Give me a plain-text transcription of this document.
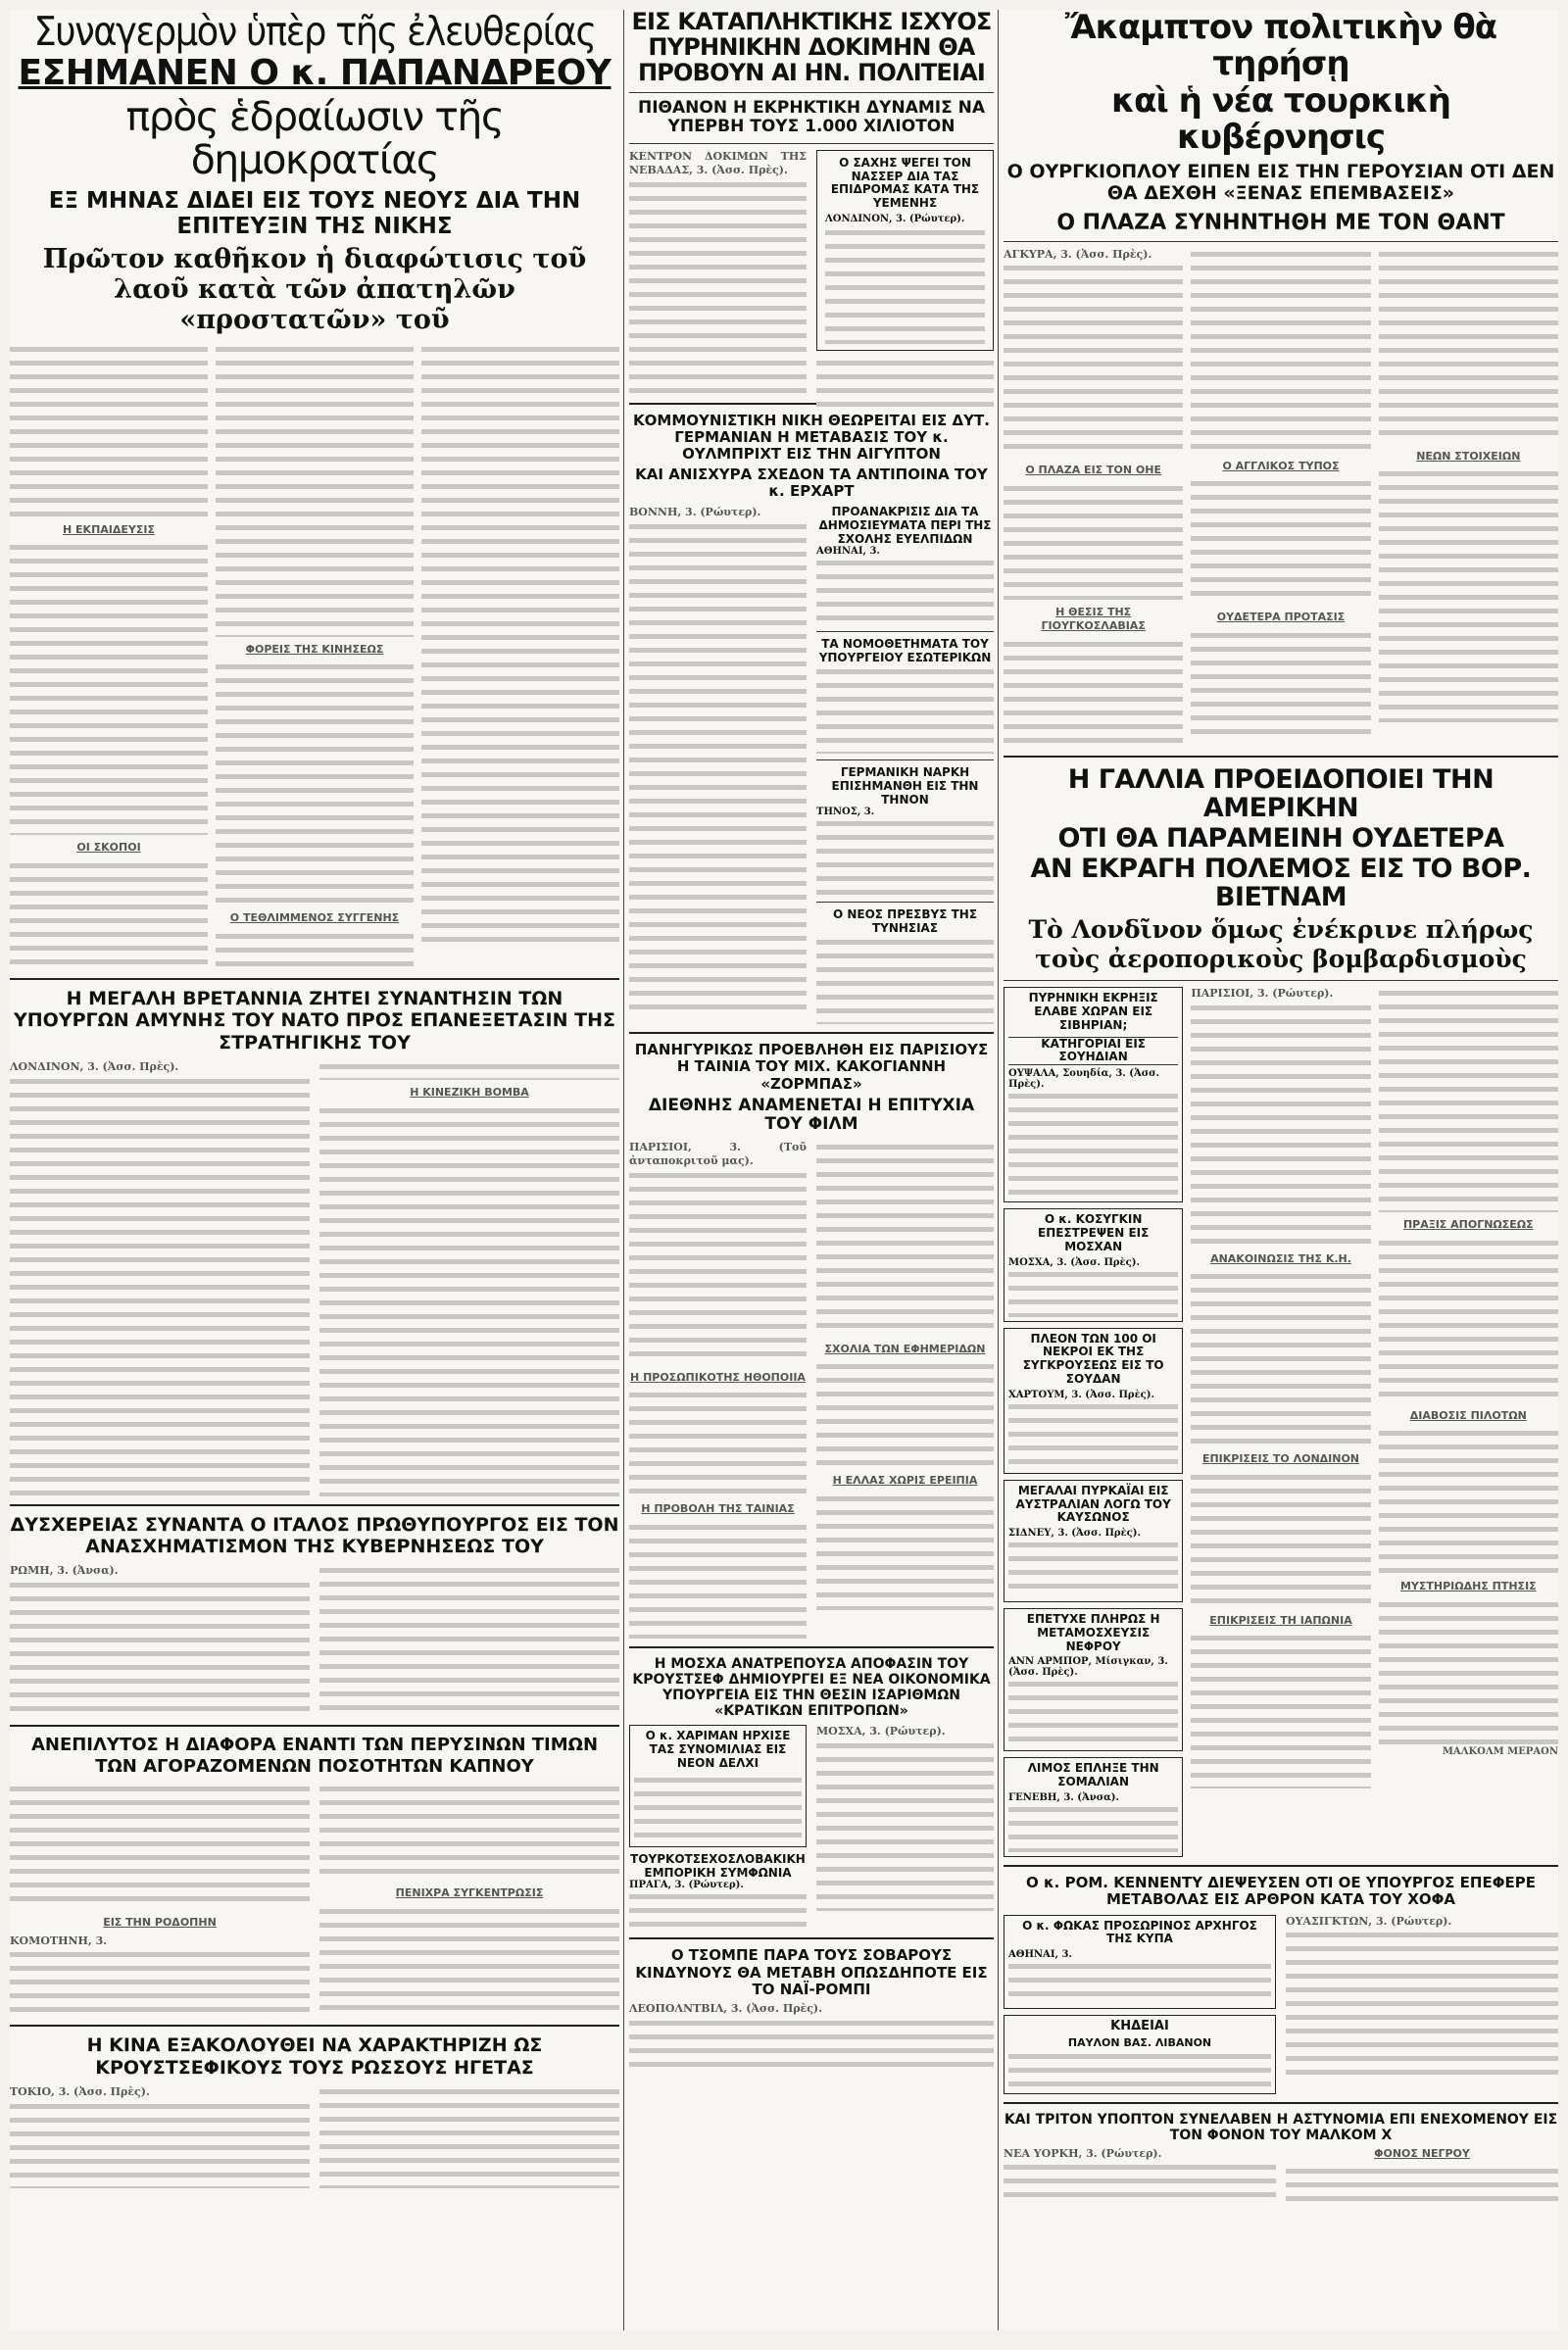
Συναγερμὸν ὑπὲρ τῆς ἐλευθερίας
ΕΣΗΜΑΝΕΝ Ο κ. ΠΑΠΑΝΔΡΕΟΥ
πρὸς ἑδραίωσιν τῆς δημοκρατίας
ΕΞ ΜΗΝΑΣ ΔΙΔΕΙ ΕΙΣ ΤΟΥΣ ΝΕΟΥΣ ΔΙΑ ΤΗΝ ΕΠΙΤΕΥΞΙΝ ΤΗΣ ΝΙΚΗΣ
Πρῶτον καθῆκον ἡ διαφώτισις τοῦ λαοῦ κατὰ τῶν ἀπατηλῶν «προστατῶν» τοῦ
Η ΕΚΠΑΙΔΕΥΣΙΣ
ΟΙ ΣΚΟΠΟΙ
ΦΟΡΕΙΣ ΤΗΣ ΚΙΝΗΣΕΩΣ
Ο ΤΕΘΛΙΜΜΕΝΟΣ ΣΥΓΓΕΝΗΣ
Η ΜΕΓΑΛΗ ΒΡΕΤΑΝΝΙΑ ΖΗΤΕΙ ΣΥΝΑΝΤΗΣΙΝ ΤΩΝ ΥΠΟΥΡΓΩΝ ΑΜΥΝΗΣ ΤΟΥ ΝΑΤΟ ΠΡΟΣ ΕΠΑΝΕΞΕΤΑΣΙΝ ΤΗΣ ΣΤΡΑΤΗΓΙΚΗΣ ΤΟΥ
ΛΟΝΔΙΝΟΝ, 3. (Ἀσσ. Πρὲς).
Η ΚΙΝΕΖΙΚΗ ΒΟΜΒΑ
ΔΥΣΧΕΡΕΙΑΣ ΣΥΝΑΝΤΑ Ο ΙΤΑΛΟΣ ΠΡΩΘΥΠΟΥΡΓΟΣ ΕΙΣ ΤΟΝ ΑΝΑΣΧΗΜΑΤΙΣΜΟΝ ΤΗΣ ΚΥΒΕΡΝΗΣΕΩΣ ΤΟΥ
ΡΩΜΗ, 3. (Ἀνσα).
ΑΝΕΠΙΛΥΤΟΣ Η ΔΙΑΦΟΡΑ ΕΝΑΝΤΙ ΤΩΝ ΠΕΡΥΣΙΝΩΝ ΤΙΜΩΝ ΤΩΝ ΑΓΟΡΑΖΟΜΕΝΩΝ ΠΟΣΟΤΗΤΩΝ ΚΑΠΝΟΥ
ΕΙΣ ΤΗΝ ΡΟΔΟΠΗΝ
ΚΟΜΟΤΗΝΗ, 3.
ΠΕΝΙΧΡΑ ΣΥΓΚΕΝΤΡΩΣΙΣ
Η ΚΙΝΑ ΕΞΑΚΟΛΟΥΘΕΙ ΝΑ ΧΑΡΑΚΤΗΡΙΖΗ ΩΣ ΚΡΟΥΣΤΣΕΦΙΚΟΥΣ ΤΟΥΣ ΡΩΣΣΟΥΣ ΗΓΕΤΑΣ
ΤΟΚΙΟ, 3. (Ἀσσ. Πρὲς).
ΕΙΣ ΚΑΤΑΠΛΗΚΤΙΚΗΣ ΙΣΧΥΟΣ ΠΥΡΗΝΙΚΗΝ ΔΟΚΙΜΗΝ ΘΑ ΠΡΟΒΟΥΝ ΑΙ ΗΝ. ΠΟΛΙΤΕΙΑΙ
ΠΙΘΑΝΟΝ Η ΕΚΡΗΚΤΙΚΗ ΔΥΝΑΜΙΣ ΝΑ ΥΠΕΡΒΗ ΤΟΥΣ 1.000 ΧΙΛΙΟΤΟΝ
ΚΕΝΤΡΟΝ ΔΟΚΙΜΩΝ ΤΗΣ ΝΕΒΑΔΑΣ, 3. (Ἀσσ. Πρὲς).
Ο ΣΑΧΗΣ ΨΕΓΕΙ ΤΟΝ ΝΑΣΣΕΡ ΔΙΑ ΤΑΣ ΕΠΙΔΡΟΜΑΣ ΚΑΤΑ ΤΗΣ ΥΕΜΕΝΗΣ
ΛΟΝΔΙΝΟΝ, 3. (Ρώυτερ).
ΚΟΜΜΟΥΝΙΣΤΙΚΗ ΝΙΚΗ ΘΕΩΡΕΙΤΑΙ ΕΙΣ ΔΥΤ. ΓΕΡΜΑΝΙΑΝ Η ΜΕΤΑΒΑΣΙΣ ΤΟΥ κ. ΟΥΛΜΠΡΙΧΤ ΕΙΣ ΤΗΝ ΑΙΓΥΠΤΟΝ
ΚΑΙ ΑΝΙΣΧΥΡΑ ΣΧΕΔΟΝ ΤΑ ΑΝΤΙΠΟΙΝΑ ΤΟΥ κ. ΕΡΧΑΡΤ
ΒΟΝΝΗ, 3. (Ρώυτερ).	ΠΡΟΑΝΑΚΡΙΣΙΣ ΔΙΑ ΤΑ ΔΗΜΟΣΙΕΥΜΑΤΑ ΠΕΡΙ ΤΗΣ ΣΧΟΛΗΣ ΕΥΕΛΠΙΔΩΝ
ΑΘΗΝΑΙ, 3.
ΤΑ ΝΟΜΟΘΕΤΗΜΑΤΑ ΤΟΥ ΥΠΟΥΡΓΕΙΟΥ ΕΣΩΤΕΡΙΚΩΝ
ΓΕΡΜΑΝΙΚΗ ΝΑΡΚΗ ΕΠΙΣΗΜΑΝΘΗ ΕΙΣ ΤΗΝ ΤΗΝΟΝ
ΤΗΝΟΣ, 3.
Ο ΝΕΟΣ ΠΡΕΣΒΥΣ ΤΗΣ ΤΥΝΗΣΙΑΣ
ΠΑΝΗΓΥΡΙΚΩΣ ΠΡΟΕΒΛΗΘΗ ΕΙΣ ΠΑΡΙΣΙΟΥΣ Η ΤΑΙΝΙΑ ΤΟΥ ΜΙΧ. ΚΑΚΟΓΙΑΝΝΗ «ΖΟΡΜΠΑΣ»
ΔΙΕΘΝΗΣ ΑΝΑΜΕΝΕΤΑΙ Η ΕΠΙΤΥΧΙΑ ΤΟΥ ΦΙΛΜ
ΠΑΡΙΣΙΟΙ, 3. (Τοῦ ἀνταποκριτοῦ μας).
Η ΠΡΟΣΩΠΙΚΟΤΗΣ ΗΘΟΠΟΙΙΑ
Η ΠΡΟΒΟΛΗ ΤΗΣ ΤΑΙΝΙΑΣ
ΣΧΟΛΙΑ ΤΩΝ ΕΦΗΜΕΡΙΔΩΝ
Η ΕΛΛΑΣ ΧΩΡΙΣ ΕΡΕΙΠΙΑ
Η ΜΟΣΧΑ ΑΝΑΤΡΕΠΟΥΣΑ ΑΠΟΦΑΣΙΝ ΤΟΥ ΚΡΟΥΣΤΣΕΦ ΔΗΜΙΟΥΡΓΕΙ ΕΞ ΝΕΑ ΟΙΚΟΝΟΜΙΚΑ ΥΠΟΥΡΓΕΙΑ ΕΙΣ ΤΗΝ ΘΕΣΙΝ ΙΣΑΡΙΘΜΩΝ «ΚΡΑΤΙΚΩΝ ΕΠΙΤΡΟΠΩΝ»
Ο κ. ΧΑΡΙΜΑΝ ΗΡΧΙΣΕ ΤΑΣ ΣΥΝΟΜΙΛΙΑΣ ΕΙΣ ΝΕΟΝ ΔΕΛΧΙ
ΤΟΥΡΚΟΤΣΕΧΟΣΛΟΒΑΚΙΚΗ ΕΜΠΟΡΙΚΗ ΣΥΜΦΩΝΙΑ
ΠΡΑΓΑ, 3. (Ρώυτερ).
ΜΟΣΧΑ, 3. (Ρώυτερ).
Ο ΤΣΟΜΠΕ ΠΑΡΑ ΤΟΥΣ ΣΟΒΑΡΟΥΣ ΚΙΝΔΥΝΟΥΣ ΘΑ ΜΕΤΑΒΗ ΟΠΩΣΔΗΠΟΤΕ ΕΙΣ ΤΟ ΝΑΪ-ΡΟΜΠΙ
ΛΕΟΠΟΛΝΤΒΙΛ, 3. (Ἀσσ. Πρὲς).
Ἄκαμπτον πολιτικὴν θὰ τηρήσῃ
καὶ ἡ νέα τουρκικὴ κυβέρνησις
Ο ΟΥΡΓΚΙΟΠΛΟΥ ΕΙΠΕΝ ΕΙΣ ΤΗΝ ΓΕΡΟΥΣΙΑΝ ΟΤΙ ΔΕΝ ΘΑ ΔΕΧΘΗ «ΞΕΝΑΣ ΕΠΕΜΒΑΣΕΙΣ»
Ο ΠΛΑΖΑ ΣΥΝΗΝΤΗΘΗ ΜΕ ΤΟΝ ΘΑΝΤ
ΑΓΚΥΡΑ, 3. (Ἀσσ. Πρὲς).
Ο ΠΛΑΖΑ ΕΙΣ ΤΟΝ ΟΗΕ
Η ΘΕΣΙΣ ΤΗΣ ΓΙΟΥΓΚΟΣΛΑΒΙΑΣ
Ο ΑΓΓΛΙΚΟΣ ΤΥΠΟΣ
ΟΥΔΕΤΕΡΑ ΠΡΟΤΑΣΙΣ
ΝΕΩΝ ΣΤΟΙΧΕΙΩΝ
Η ΓΑΛΛΙΑ ΠΡΟΕΙΔΟΠΟΙΕΙ ΤΗΝ ΑΜΕΡΙΚΗΝ
ΟΤΙ ΘΑ ΠΑΡΑΜΕΙΝΗ ΟΥΔΕΤΕΡΑ
ΑΝ ΕΚΡΑΓΗ ΠΟΛΕΜΟΣ ΕΙΣ ΤΟ ΒΟΡ. ΒΙΕΤΝΑΜ
Τὸ Λονδῖνον ὅμως ἐνέκρινε πλήρως
τοὺς ἀεροπορικοὺς βομβαρδισμοὺς
ΠΥΡΗΝΙΚΗ ΕΚΡΗΞΙΣ ΕΛΑΒΕ ΧΩΡΑΝ ΕΙΣ ΣΙΒΗΡΙΑΝ;
ΚΑΤΗΓΟΡΙΑΙ ΕΙΣ ΣΟΥΗΔΙΑΝ
ΟΥΨΑΛΑ, Σουηδία, 3. (Ἀσσ. Πρὲς).
Ο κ. ΚΟΣΥΓΚΙΝ ΕΠΕΣΤΡΕΨΕΝ ΕΙΣ ΜΟΣΧΑΝ
ΜΟΣΧΑ, 3. (Ἀσσ. Πρὲς).
ΠΛΕΟΝ ΤΩΝ 100 ΟΙ ΝΕΚΡΟΙ ΕΚ ΤΗΣ ΣΥΓΚΡΟΥΣΕΩΣ ΕΙΣ ΤΟ ΣΟΥΔΑΝ
ΧΑΡΤΟΥΜ, 3. (Ἀσσ. Πρὲς).
ΜΕΓΑΛΑΙ ΠΥΡΚΑΪΑΙ ΕΙΣ ΑΥΣΤΡΑΛΙΑΝ ΛΟΓΩ ΤΟΥ ΚΑΥΣΩΝΟΣ
ΣΙΔΝΕΥ, 3. (Ἀσσ. Πρὲς).
ΕΠΕΤΥΧΕ ΠΛΗΡΩΣ Η ΜΕΤΑΜΟΣΧΕΥΣΙΣ ΝΕΦΡΟΥ
ΑΝΝ ΑΡΜΠΟΡ, Μίσιγκαν, 3. (Ἀσσ. Πρὲς).
ΛΙΜΟΣ ΕΠΛΗΞΕ ΤΗΝ ΣΟΜΑΛΙΑΝ
ΓΕΝΕΒΗ, 3. (Ἀνσα).
ΠΑΡΙΣΙΟΙ, 3. (Ρώυτερ).
ΑΝΑΚΟΙΝΩΣΙΣ ΤΗΣ Κ.Η.
ΕΠΙΚΡΙΣΕΙΣ ΤΟ ΛΟΝΔΙΝΟΝ
ΕΠΙΚΡΙΣΕΙΣ ΤΗ ΙΑΠΩΝΙΑ
ΠΡΑΞΙΣ ΑΠΟΓΝΩΣΕΩΣ
ΔΙΑΒΟΣΙΣ ΠΙΛΟΤΩΝ
ΜΥΣΤΗΡΙΩΔΗΣ ΠΤΗΣΙΣ
ΜΑΛΚΟΛΜ ΜΕΡΑΟΝ
Ο κ. ΡΟΜ. ΚΕΝΝΕΝΤΥ ΔΙΕΨΕΥΣΕΝ ΟΤΙ ΟΕ ΥΠΟΥΡΓΟΣ ΕΠΕΦΕΡΕ ΜΕΤΑΒΟΛΑΣ ΕΙΣ ΑΡΘΡΟΝ ΚΑΤΑ ΤΟΥ ΧΟΦΑ
Ο κ. ΦΩΚΑΣ ΠΡΟΣΩΡΙΝΟΣ ΑΡΧΗΓΟΣ ΤΗΣ ΚΥΠΑ
ΑΘΗΝΑΙ, 3.
ΚΗΔΕΙΑΙ
ΠΑΥΛΟΝ ΒΑΣ. ΛΙΒΑΝΟΝ
ΟΥΑΣΙΓΚΤΩΝ, 3. (Ρώυτερ).
ΚΑΙ ΤΡΙΤΟΝ ΥΠΟΠΤΟΝ ΣΥΝΕΛΑΒΕΝ Η ΑΣΤΥΝΟΜΙΑ ΕΠΙ ΕΝΕΧΟΜΕΝΟΥ ΕΙΣ ΤΟΝ ΦΟΝΟΝ ΤΟΥ ΜΑΛΚΟΜ Χ
ΝΕΑ ΥΟΡΚΗ, 3. (Ρώυτερ).	ΦΟΝΟΣ ΝΕΓΡΟΥ
